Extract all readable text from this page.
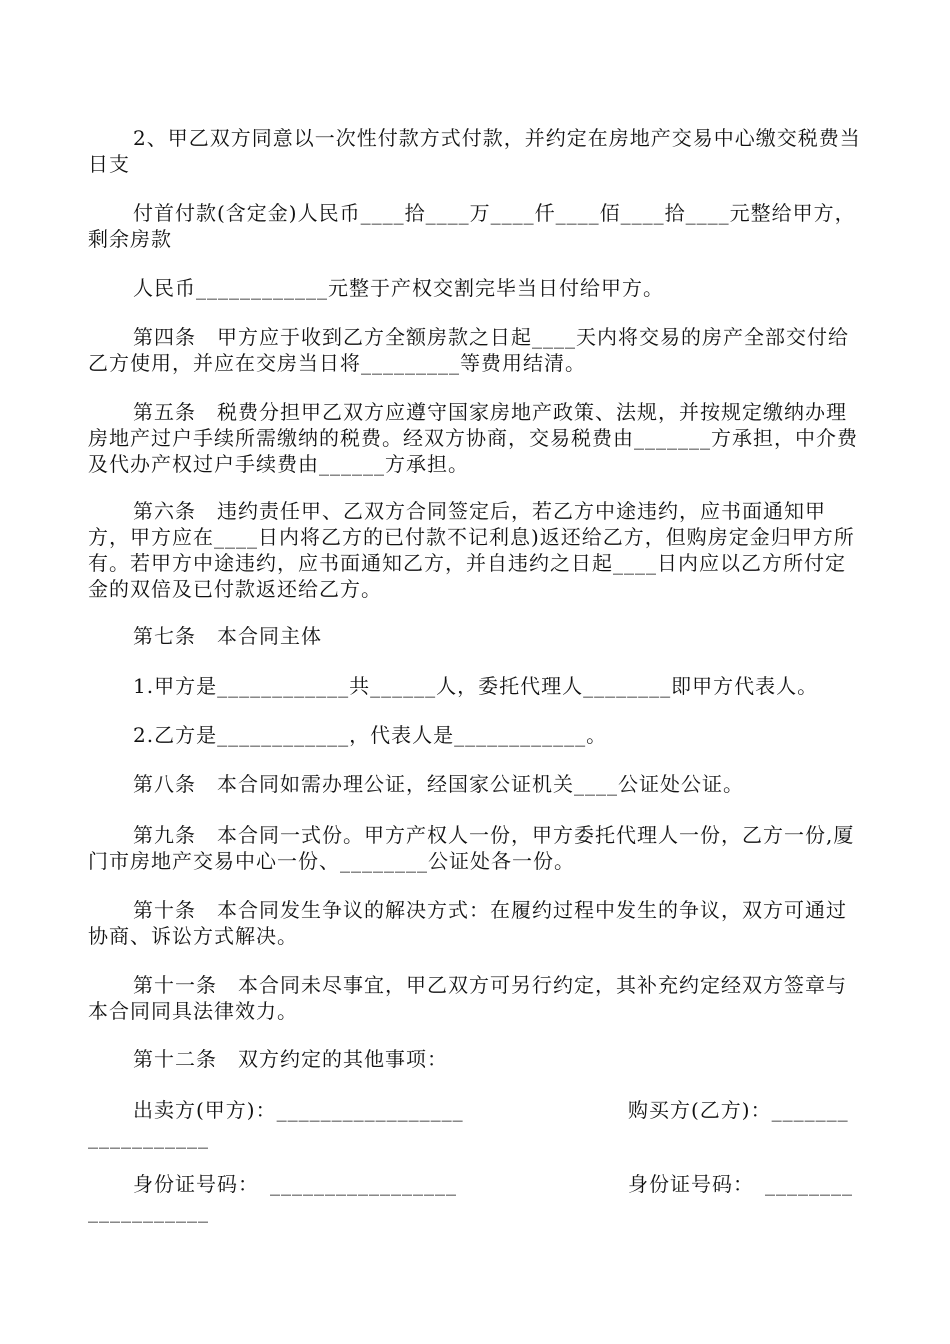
2、甲乙双方同意以一次性付款方式付款，并约定在房地产交易中心缴交税费当日支

付首付款(含定金)人民币____拾____万____仟____佰____拾____元整给甲方，剩余房款

人民币____________元整于产权交割完毕当日付给甲方。

第四条　甲方应于收到乙方全额房款之日起____天内将交易的房产全部交付给乙方使用，并应在交房当日将_________等费用结清。

第五条　税费分担甲乙双方应遵守国家房地产政策、法规，并按规定缴纳办理房地产过户手续所需缴纳的税费。经双方协商，交易税费由_______方承担，中介费及代办产权过户手续费由______方承担。

第六条　违约责任甲、乙双方合同签定后，若乙方中途违约，应书面通知甲方，甲方应在____日内将乙方的已付款不记利息)返还给乙方，但购房定金归甲方所有。若甲方中途违约，应书面通知乙方，并自违约之日起____日内应以乙方所付定金的双倍及已付款返还给乙方。

第七条　本合同主体

1.甲方是____________共______人，委托代理人________即甲方代表人。

2.乙方是____________，代表人是____________。

第八条　本合同如需办理公证，经国家公证机关____公证处公证。

第九条　本合同一式份。甲方产权人一份，甲方委托代理人一份，乙方一份,厦门市房地产交易中心一份、________公证处各一份。

第十条　本合同发生争议的解决方式：在履约过程中发生的争议，双方可通过协商、诉讼方式解决。

第十一条　本合同未尽事宜，甲乙双方可另行约定，其补充约定经双方签章与本合同同具法律效力。

第十二条　双方约定的其他事项：

出卖方(甲方)：_________________	购买方(乙方)：_______
___________
身份证号码：　_________________	身份证号码：　________
___________
